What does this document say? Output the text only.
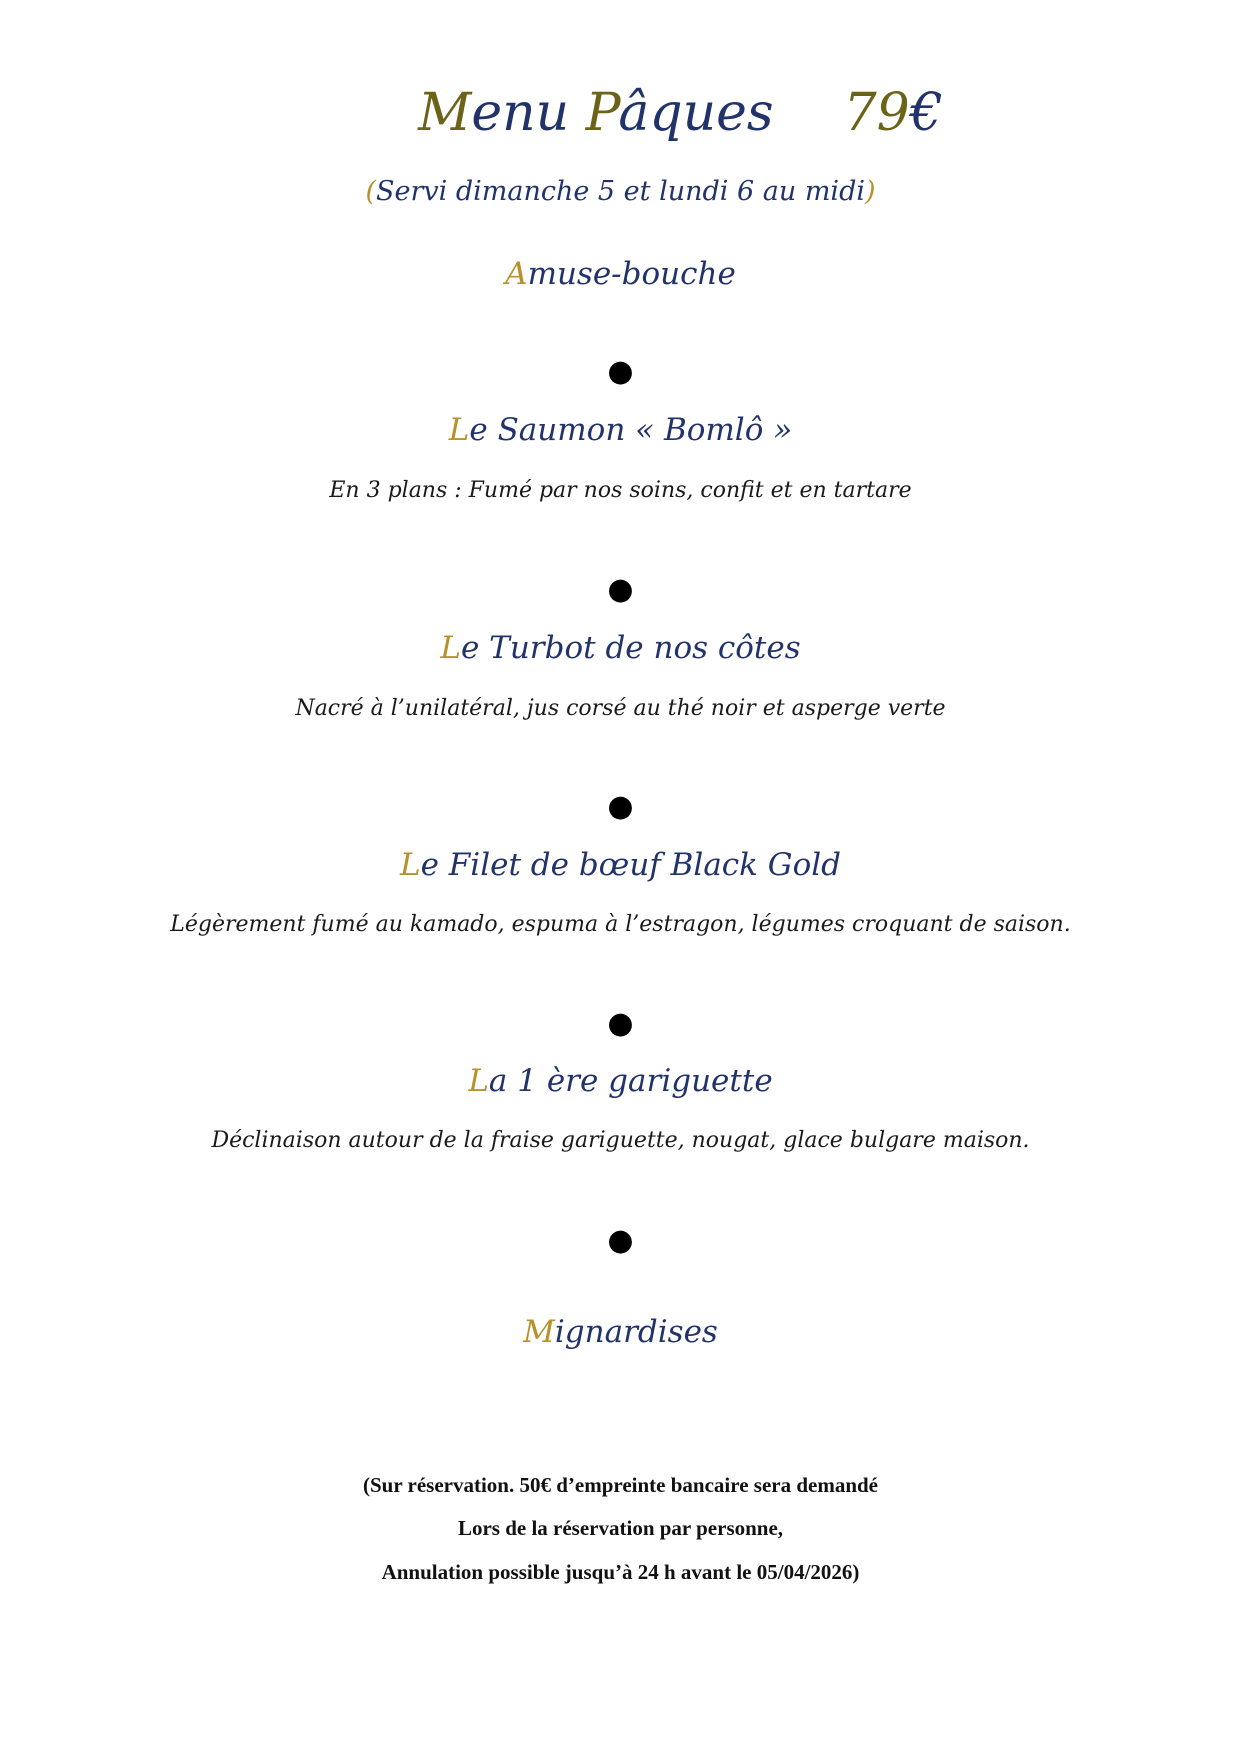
Menu Pâques 79€
(Servi dimanche 5 et lundi 6 au midi)
Amuse-bouche
●
Le Saumon « Bomlô »
En 3 plans : Fumé par nos soins, confit et en tartare
●
Le Turbot de nos côtes
Nacré à l’unilatéral, jus corsé au thé noir et asperge verte
●
Le Filet de bœuf Black Gold
Légèrement fumé au kamado, espuma à l’estragon, légumes croquant de saison.
●
La 1 ère gariguette
Déclinaison autour de la fraise gariguette, nougat, glace bulgare maison.
●
Mignardises
(Sur réservation. 50€ d’empreinte bancaire sera demandé
Lors de la réservation par personne,
Annulation possible jusqu’à 24 h avant le 05/04/2026)
